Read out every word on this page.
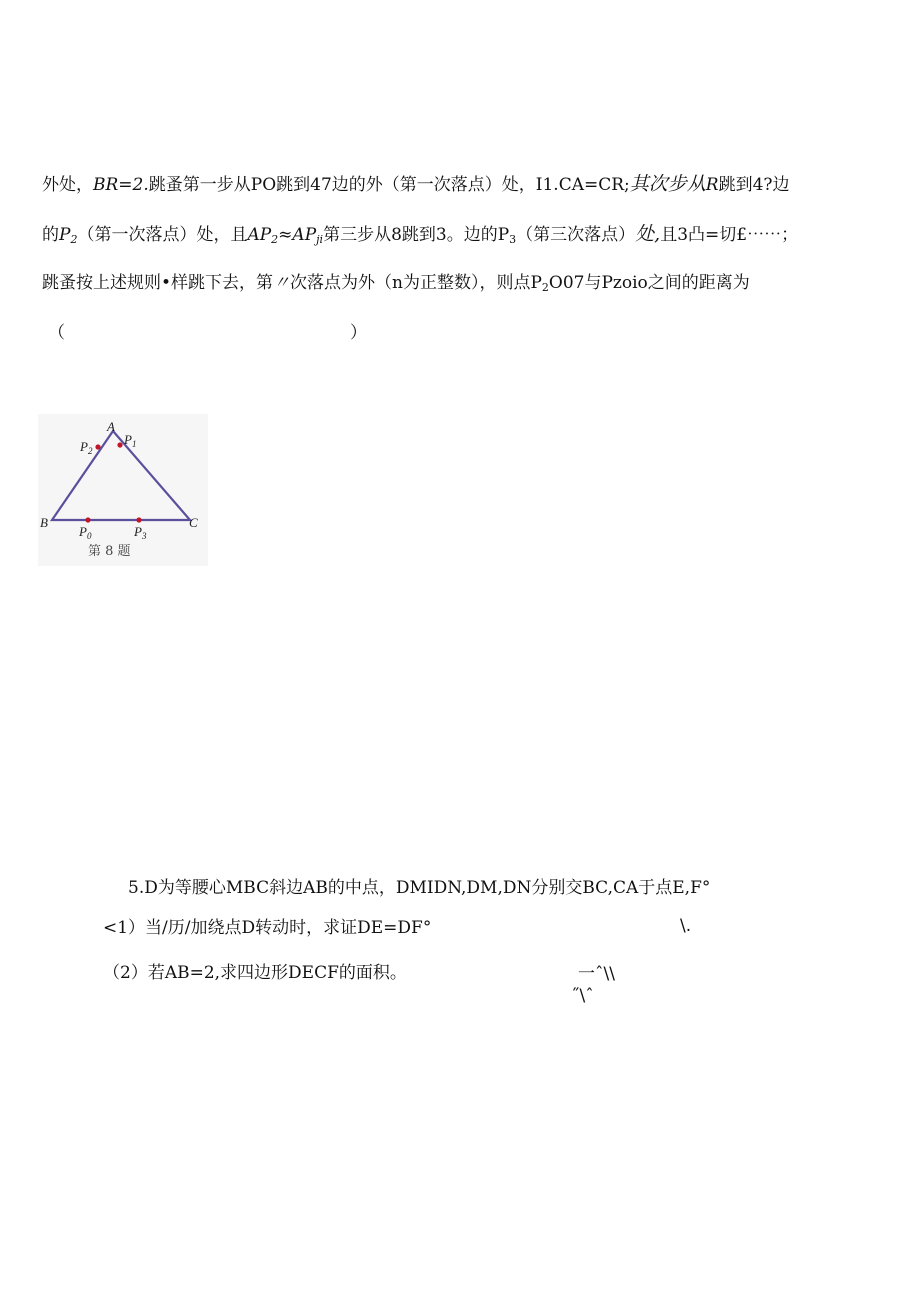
外处，BR=2.跳蚤第一步从PO跳到47边的外（第一次落点）处，I1.CA=CR;其次步从R跳到4?边
的$P_2$（第一次落点）处，且$AP_2\approx AP_{ji}$第三步从8跳到3。边的$P_3$（第三次落点）处,且3凸=切£⋯⋯；
跳蚤按上述规则•样跳下去，第〃次落点为外（n为正整数），则点$P_2O07$与Pzoio之间的距离为
（	）
A
B	C
$P_2$
$P_1$
$P_0$	$P_3$
第 8 题
5.D为等腰心MBC斜边AB的中点，DMIDN,DM,DN分别交BC,CA于点E,F°
<1）当/历/加绕点D转动时，求证DE=DF°
（2）若AB=2,求四边形DECF的面积。
\.
一ˆ\\
˝\ˆ
